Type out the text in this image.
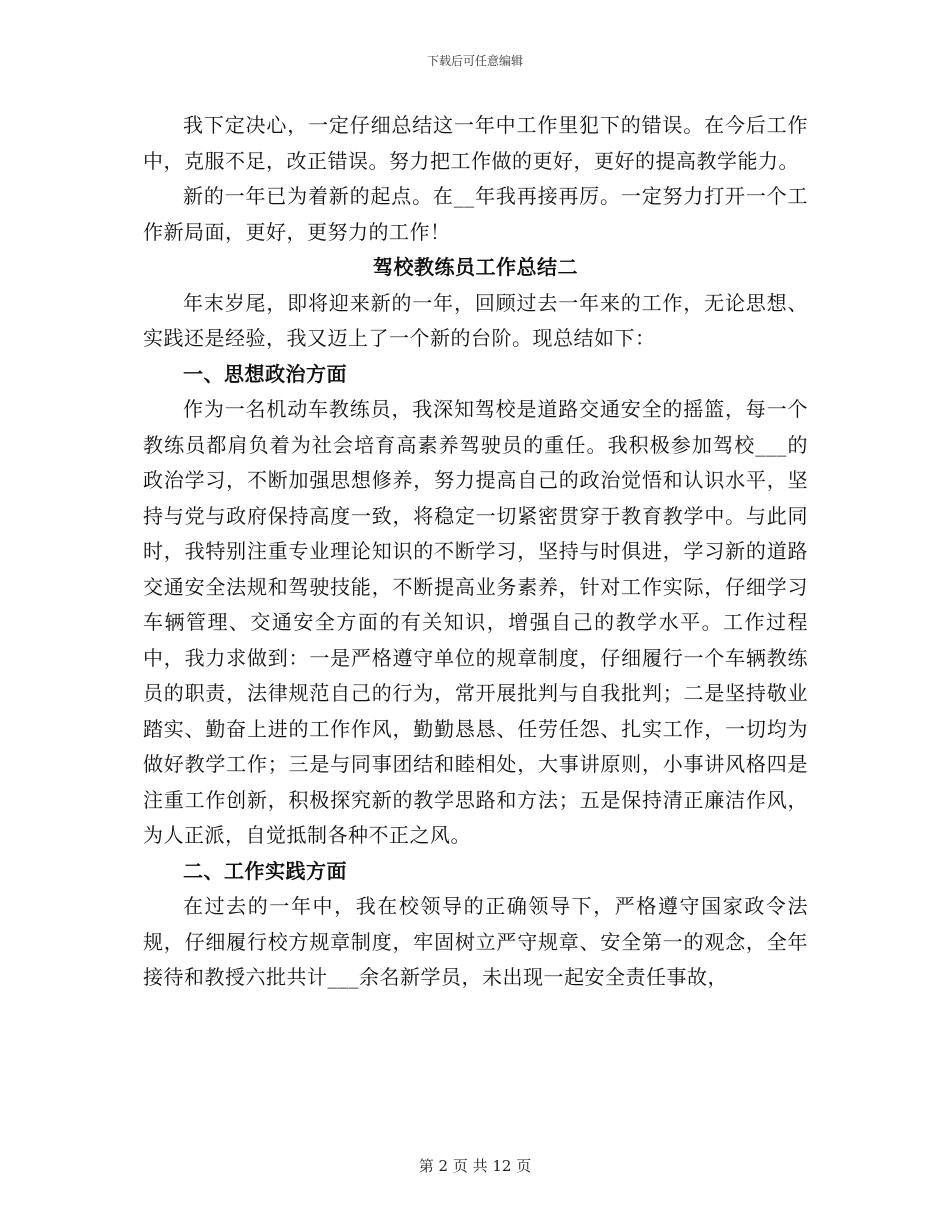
下载后可任意编辑

我下定决心，一定仔细总结这一年中工作里犯下的错误。在今后工作中，克服不足，改正错误。努力把工作做的更好，更好的提高教学能力。

新的一年已为着新的起点。在__年我再接再厉。一定努力打开一个工作新局面，更好，更努力的工作！

驾校教练员工作总结二

年末岁尾，即将迎来新的一年，回顾过去一年来的工作，无论思想、实践还是经验，我又迈上了一个新的台阶。现总结如下：

一、思想政治方面

作为一名机动车教练员，我深知驾校是道路交通安全的摇篮，每一个教练员都肩负着为社会培育高素养驾驶员的重任。我积极参加驾校___的政治学习，不断加强思想修养，努力提高自己的政治觉悟和认识水平，坚持与党与政府保持高度一致，将稳定一切紧密贯穿于教育教学中。与此同时，我特别注重专业理论知识的不断学习，坚持与时俱进，学习新的道路交通安全法规和驾驶技能，不断提高业务素养，针对工作实际，仔细学习车辆管理、交通安全方面的有关知识，增强自己的教学水平。工作过程中，我力求做到：一是严格遵守单位的规章制度，仔细履行一个车辆教练员的职责，法律规范自己的行为，常开展批判与自我批判；二是坚持敬业踏实、勤奋上进的工作作风，勤勤恳恳、任劳任怨、扎实工作，一切均为做好教学工作；三是与同事团结和睦相处，大事讲原则，小事讲风格四是注重工作创新，积极探究新的教学思路和方法；五是保持清正廉洁作风，为人正派，自觉抵制各种不正之风。

二、工作实践方面

在过去的一年中，我在校领导的正确领导下，严格遵守国家政令法规，仔细履行校方规章制度，牢固树立严守规章、安全第一的观念，全年接待和教授六批共计___余名新学员，未出现一起安全责任事故，

第 2 页 共 12 页
